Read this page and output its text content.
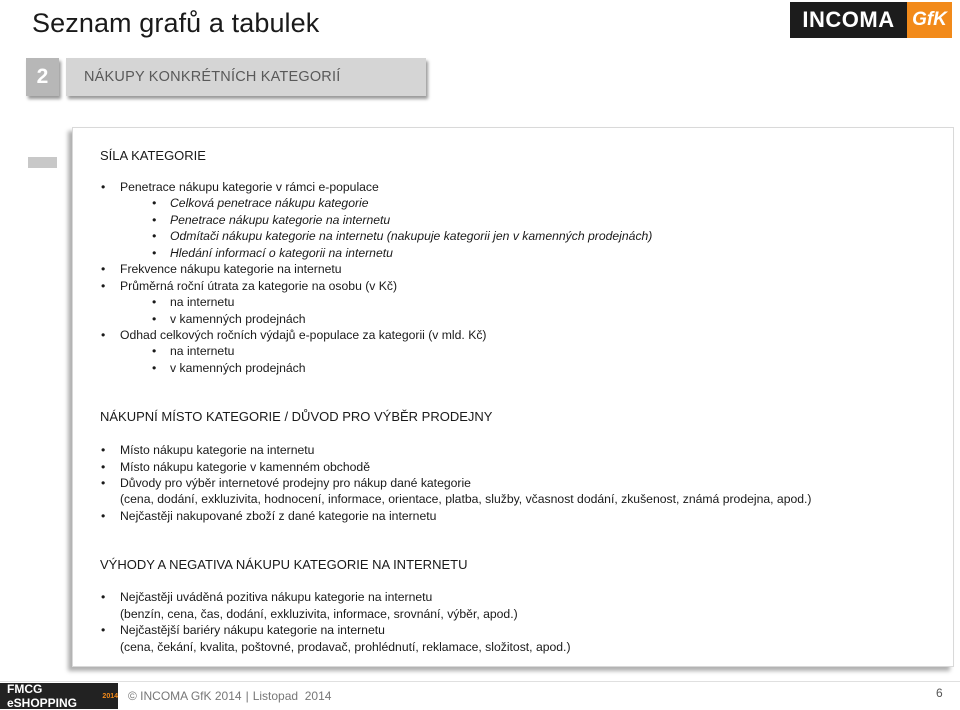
Seznam grafů a tabulek	INCOMA GfK
2	NÁKUPY KONKRÉTNÍCH KATEGORIÍ
SÍLA KATEGORIE
• Penetrace nákupu kategorie v rámci e-populace
• Celková penetrace nákupu kategorie
• Penetrace nákupu kategorie na internetu
• Odmítači nákupu kategorie na internetu (nakupuje kategorii jen v kamenných prodejnách)
• Hledání informací o kategorii na internetu
• Frekvence nákupu kategorie na internetu
• Průměrná roční útrata za kategorie na osobu (v Kč)
• na internetu
• v kamenných prodejnách
• Odhad celkových ročních výdajů e-populace za kategorii (v mld. Kč)
• na internetu
• v kamenných prodejnách
NÁKUPNÍ MÍSTO KATEGORIE / DŮVOD PRO VÝBĚR PRODEJNY
• Místo nákupu kategorie na internetu
• Místo nákupu kategorie v kamenném obchodě
• Důvody pro výběr internetové prodejny pro nákup dané kategorie
(cena, dodání, exkluzivita, hodnocení, informace, orientace, platba, služby, včasnost dodání, zkušenost, známá prodejna, apod.)
• Nejčastěji nakupované zboží z dané kategorie na internetu
VÝHODY A NEGATIVA NÁKUPU KATEGORIE NA INTERNETU
• Nejčastěji uváděná pozitiva nákupu kategorie na internetu
(benzín, cena, čas, dodání, exkluzivita, informace, srovnání, výběr, apod.)
• Nejčastější bariéry nákupu kategorie na internetu
(cena, čekání, kvalita, poštovné, prodavač, prohlédnutí, reklamace, složitost, apod.)
FMCG eSHOPPING	2014 © INCOMA GfK 2014 | Listopad  2014	6
